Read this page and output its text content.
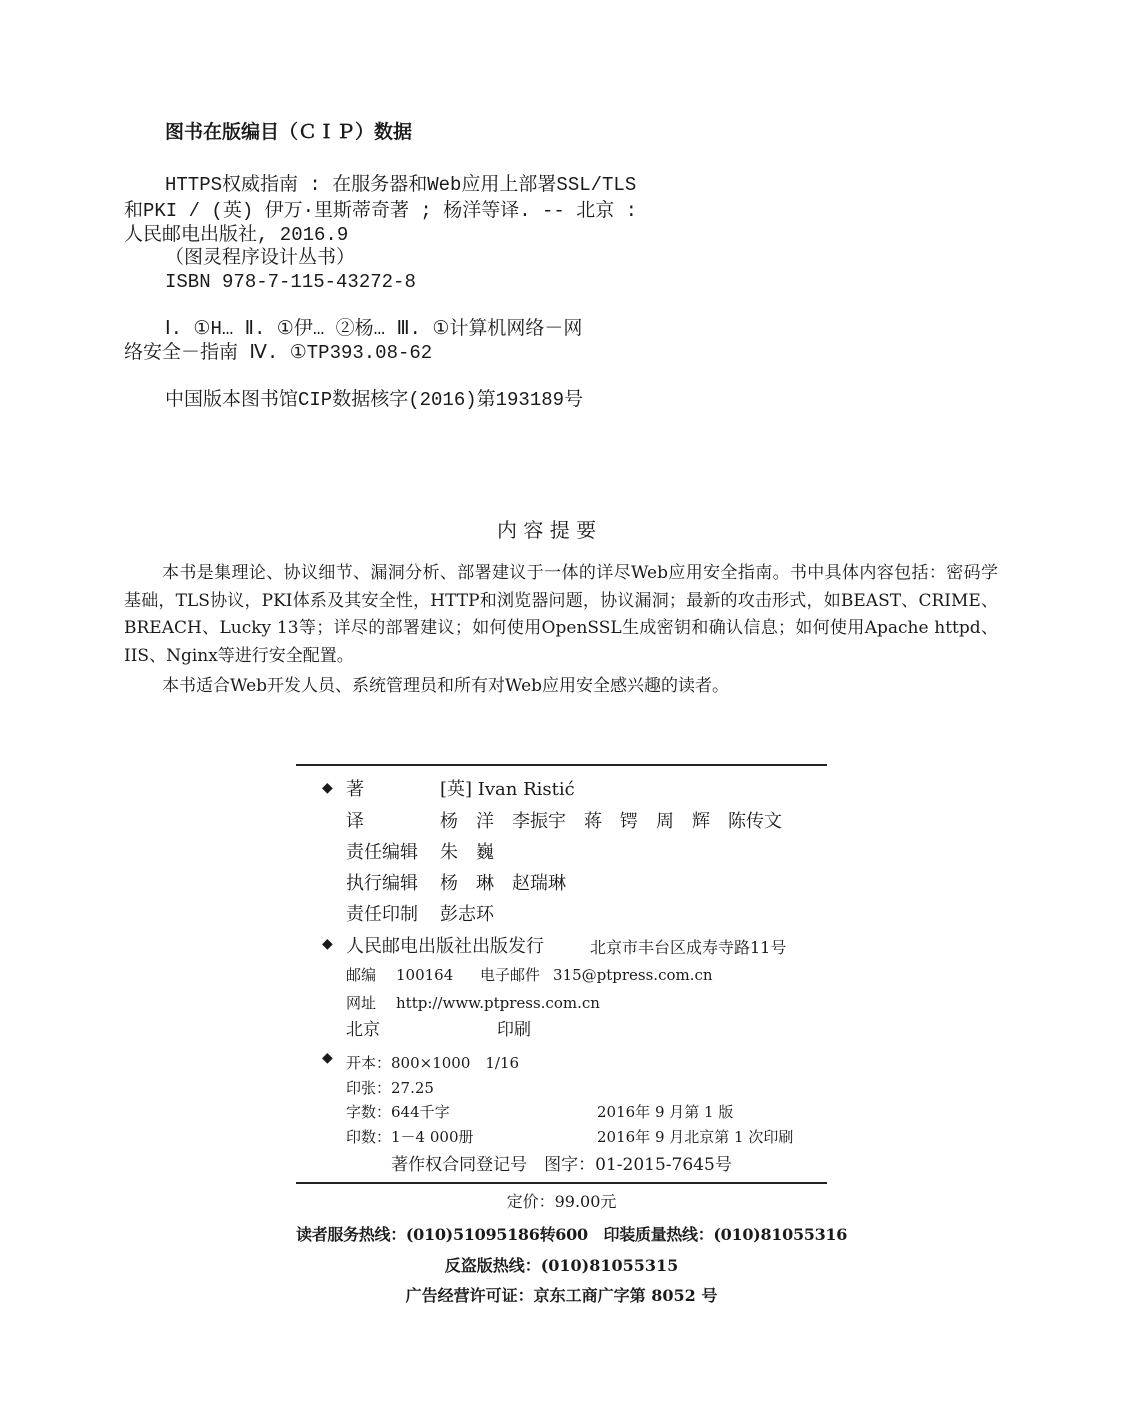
图书在版编目（ＣＩＰ）数据
HTTPS权威指南 : 在服务器和Web应用上部署SSL/TLS
和PKI / (英) 伊万·里斯蒂奇著 ; 杨洋等译. -- 北京 :
人民邮电出版社, 2016.9
（图灵程序设计丛书）
ISBN 978-7-115-43272-8
Ⅰ. ①H… Ⅱ. ①伊… ②杨… Ⅲ. ①计算机网络－网
络安全－指南 Ⅳ. ①TP393.08-62
中国版本图书馆CIP数据核字(2016)第193189号
内 容 提 要
本书是集理论、协议细节、漏洞分析、部署建议于一体的详尽Web应用安全指南。书中具体内容包括：密码学基础，TLS协议，PKI体系及其安全性，HTTP和浏览器问题，协议漏洞；最新的攻击形式，如BEAST、CRIME、BREACH、Lucky 13等；详尽的部署建议；如何使用OpenSSL生成密钥和确认信息；如何使用Apache httpd、IIS、Nginx等进行安全配置。
本书适合Web开发人员、系统管理员和所有对Web应用安全感兴趣的读者。
◆ 著	[英] Ivan Ristić
译	杨　洋　李振宇　蒋　锷　周　辉　陈传文
责任编辑 朱　巍
执行编辑 杨　琳　赵瑞琳
责任印制 彭志环
◆ 人民邮电出版社出版发行	北京市丰台区成寿寺路11号
邮编 100164 电子邮件 315@ptpress.com.cn
网址 http://www.ptpress.com.cn
北京	印刷
◆ 开本：800×1000　1/16
印张：27.25
字数：644千字	2016年 9 月第 1 版
印数：1－4 000册	2016年 9 月北京第 1 次印刷
著作权合同登记号　图字：01-2015-7645号
定价：99.00元
读者服务热线：(010)51095186转600　印装质量热线：(010)81055316
反盗版热线：(010)81055315
广告经营许可证：京东工商广字第 8052 号
